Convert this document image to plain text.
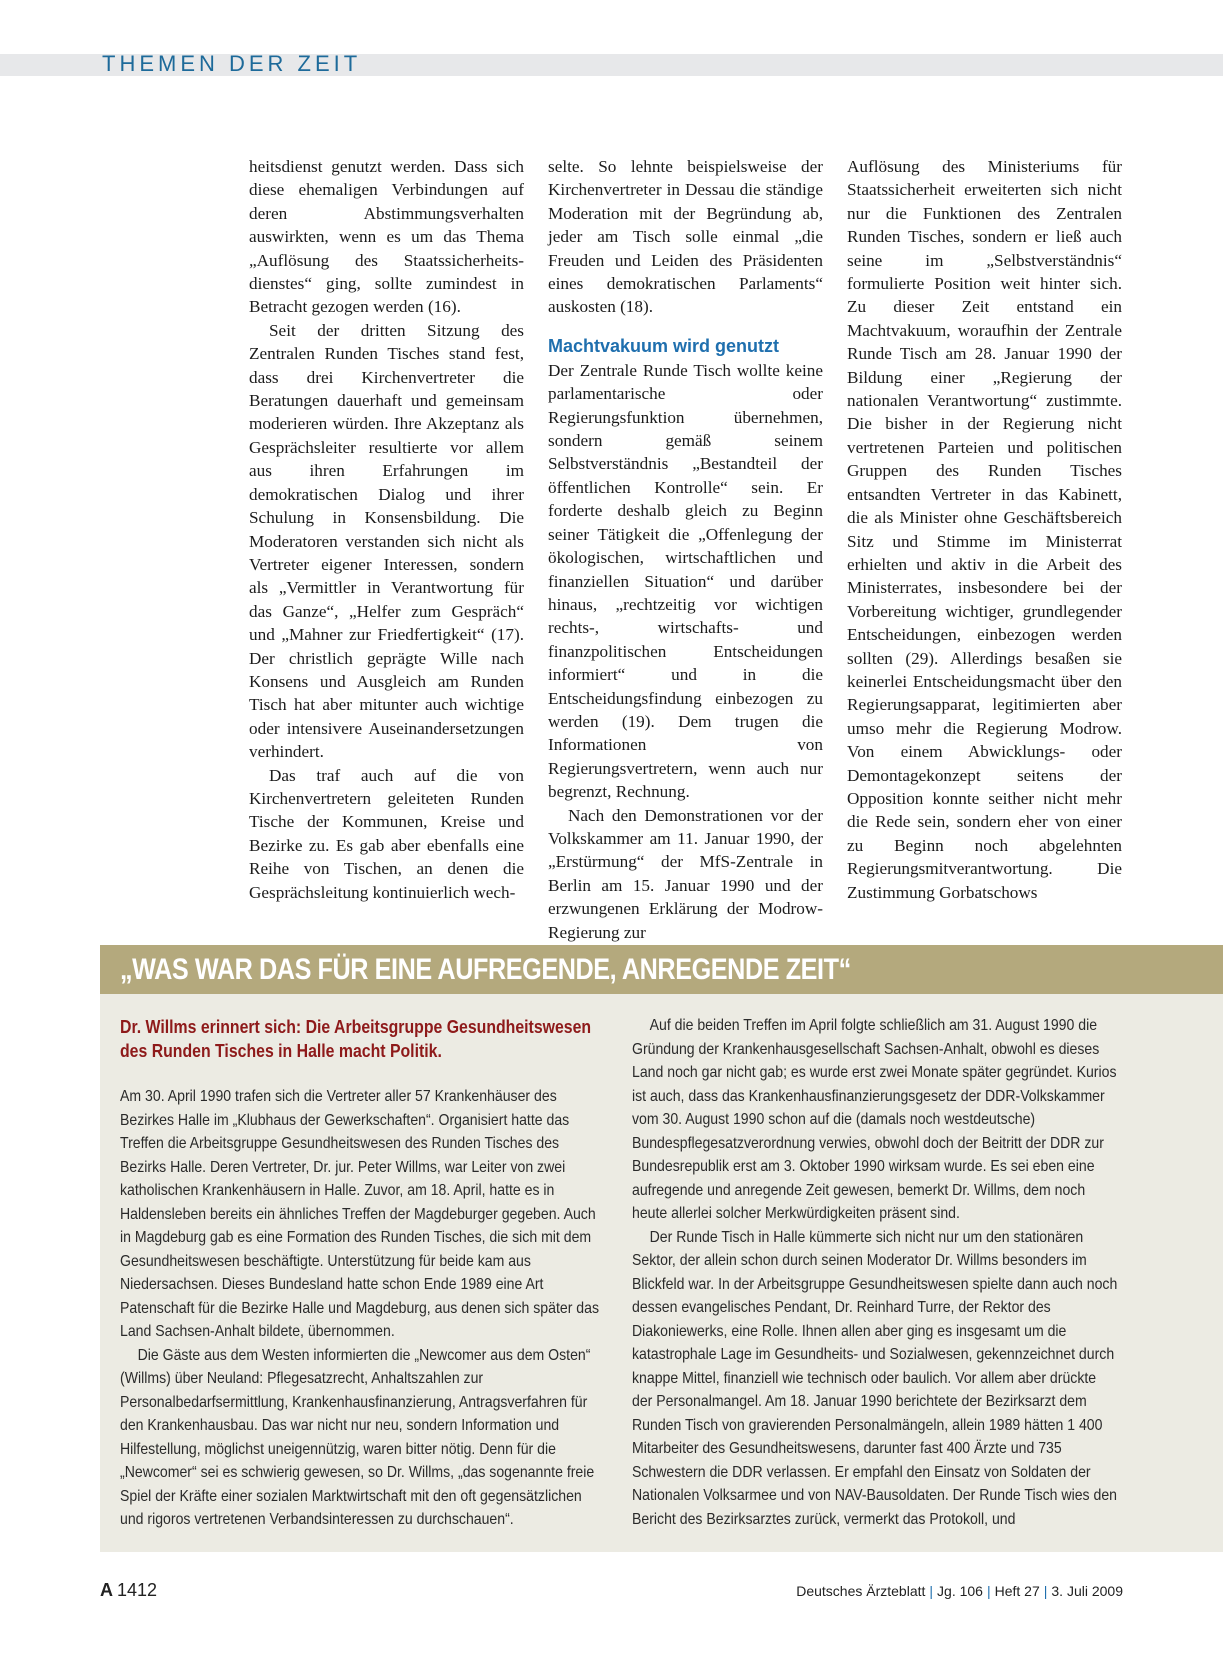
THEMEN DER ZEIT

heitsdienst genutzt werden. Dass sich diese ehemaligen Verbindungen auf deren Abstimmungsverhalten auswirkten, wenn es um das Thema „Auflösung des Staatssicherheits-dienstes“ ging, sollte zumindest in Betracht gezogen werden (16).

Seit der dritten Sitzung des Zentralen Runden Tisches stand fest, dass drei Kirchenvertreter die Beratungen dauerhaft und gemeinsam moderieren würden. Ihre Akzeptanz als Gesprächsleiter resultierte vor allem aus ihren Erfahrungen im demokratischen Dialog und ihrer Schulung in Konsensbildung. Die Moderatoren verstanden sich nicht als Vertreter eigener Interessen, sondern als „Vermittler in Verantwortung für das Ganze“, „Helfer zum Gespräch“ und „Mahner zur Friedfertigkeit“ (17). Der christlich geprägte Wille nach Konsens und Ausgleich am Runden Tisch hat aber mitunter auch wichtige oder intensivere Auseinandersetzungen verhindert.

Das traf auch auf die von Kirchenvertretern geleiteten Runden Tische der Kommunen, Kreise und Bezirke zu. Es gab aber ebenfalls eine Reihe von Tischen, an denen die Gesprächsleitung kontinuierlich wech-

selte. So lehnte beispielsweise der Kirchenvertreter in Dessau die ständige Moderation mit der Begründung ab, jeder am Tisch solle einmal „die Freuden und Leiden des Präsidenten eines demokratischen Parlaments“ auskosten (18).

Machtvakuum wird genutzt

Der Zentrale Runde Tisch wollte keine parlamentarische oder Regierungsfunktion übernehmen, sondern gemäß seinem Selbstverständnis „Bestandteil der öffentlichen Kontrolle“ sein. Er forderte deshalb gleich zu Beginn seiner Tätigkeit die „Offenlegung der ökologischen, wirtschaftlichen und finanziellen Situation“ und darüber hinaus, „rechtzeitig vor wichtigen rechts-, wirtschafts- und finanzpolitischen Entscheidungen informiert“ und in die Entscheidungsfindung einbezogen zu werden (19). Dem trugen die Informationen von Regierungsvertretern, wenn auch nur begrenzt, Rechnung.

Nach den Demonstrationen vor der Volkskammer am 11. Januar 1990, der „Erstürmung“ der MfS-Zentrale in Berlin am 15. Januar 1990 und der erzwungenen Erklärung der Modrow-Regierung zur

Auflösung des Ministeriums für Staatssicherheit erweiterten sich nicht nur die Funktionen des Zentralen Runden Tisches, sondern er ließ auch seine im „Selbstverständnis“ formulierte Position weit hinter sich. Zu dieser Zeit entstand ein Machtvakuum, woraufhin der Zentrale Runde Tisch am 28. Januar 1990 der Bildung einer „Regierung der nationalen Verantwortung“ zustimmte. Die bisher in der Regierung nicht vertretenen Parteien und politischen Gruppen des Runden Tisches entsandten Vertreter in das Kabinett, die als Minister ohne Geschäftsbereich Sitz und Stimme im Ministerrat erhielten und aktiv in die Arbeit des Ministerrates, insbesondere bei der Vorbereitung wichtiger, grundlegender Entscheidungen, einbezogen werden sollten (29). Allerdings besaßen sie keinerlei Entscheidungsmacht über den Regierungsapparat, legitimierten aber umso mehr die Regierung Modrow. Von einem Abwicklungs- oder Demontagekonzept seitens der Opposition konnte seither nicht mehr die Rede sein, sondern eher von einer zu Beginn noch abgelehnten Regierungsmitverantwortung. Die Zustimmung Gorbatschows

„WAS WAR DAS FÜR EINE AUFREGENDE, ANREGENDE ZEIT“
Dr. Willms erinnert sich: Die Arbeitsgruppe Gesundheitswesen des Runden Tisches in Halle macht Politik.

Am 30. April 1990 trafen sich die Vertreter aller 57 Krankenhäuser des Bezirkes Halle im „Klubhaus der Gewerkschaften“. Organisiert hatte das Treffen die Arbeitsgruppe Gesundheitswesen des Runden Tisches des Bezirks Halle. Deren Vertreter, Dr. jur. Peter Willms, war Leiter von zwei katholischen Krankenhäusern in Halle. Zuvor, am 18. April, hatte es in Haldensleben bereits ein ähnliches Treffen der Magdeburger gegeben. Auch in Magdeburg gab es eine Formation des Runden Tisches, die sich mit dem Gesundheitswesen beschäftigte. Unterstützung für beide kam aus Niedersachsen. Dieses Bundesland hatte schon Ende 1989 eine Art Patenschaft für die Bezirke Halle und Magdeburg, aus denen sich später das Land Sachsen-Anhalt bildete, übernommen.

Die Gäste aus dem Westen informierten die „Newcomer aus dem Osten“ (Willms) über Neuland: Pflegesatzrecht, Anhaltszahlen zur Personalbedarfsermittlung, Krankenhausfinanzierung, Antragsverfahren für den Krankenhausbau. Das war nicht nur neu, sondern Information und Hilfestellung, möglichst uneigennützig, waren bitter nötig. Denn für die „Newcomer“ sei es schwierig gewesen, so Dr. Willms, „das sogenannte freie Spiel der Kräfte einer sozialen Marktwirtschaft mit den oft gegensätzlichen und rigoros vertretenen Verbandsinteressen zu durchschauen“.

Auf die beiden Treffen im April folgte schließlich am 31. August 1990 die Gründung der Krankenhausgesellschaft Sachsen-Anhalt, obwohl es dieses Land noch gar nicht gab; es wurde erst zwei Monate später gegründet. Kurios ist auch, dass das Krankenhausfinanzierungsgesetz der DDR-Volkskammer vom 30. August 1990 schon auf die (damals noch westdeutsche) Bundespflegesatzverordnung verwies, obwohl doch der Beitritt der DDR zur Bundesrepublik erst am 3. Oktober 1990 wirksam wurde. Es sei eben eine aufregende und anregende Zeit gewesen, bemerkt Dr. Willms, dem noch heute allerlei solcher Merkwürdigkeiten präsent sind.

Der Runde Tisch in Halle kümmerte sich nicht nur um den stationären Sektor, der allein schon durch seinen Moderator Dr. Willms besonders im Blickfeld war. In der Arbeitsgruppe Gesundheitswesen spielte dann auch noch dessen evangelisches Pendant, Dr. Reinhard Turre, der Rektor des Diakoniewerks, eine Rolle. Ihnen allen aber ging es insgesamt um die katastrophale Lage im Gesundheits- und Sozialwesen, gekennzeichnet durch knappe Mittel, finanziell wie technisch oder baulich. Vor allem aber drückte der Personalmangel. Am 18. Januar 1990 berichtete der Bezirksarzt dem Runden Tisch von gravierenden Personalmängeln, allein 1989 hätten 1 400 Mitarbeiter des Gesundheitswesens, darunter fast 400 Ärzte und 735 Schwestern die DDR verlassen. Er empfahl den Einsatz von Soldaten der Nationalen Volksarmee und von NAV-Bausoldaten. Der Runde Tisch wies den Bericht des Bezirksarztes zurück, vermerkt das Protokoll, und

A 1412	Deutsches Ärzteblatt | Jg. 106 | Heft 27 | 3. Juli 2009
